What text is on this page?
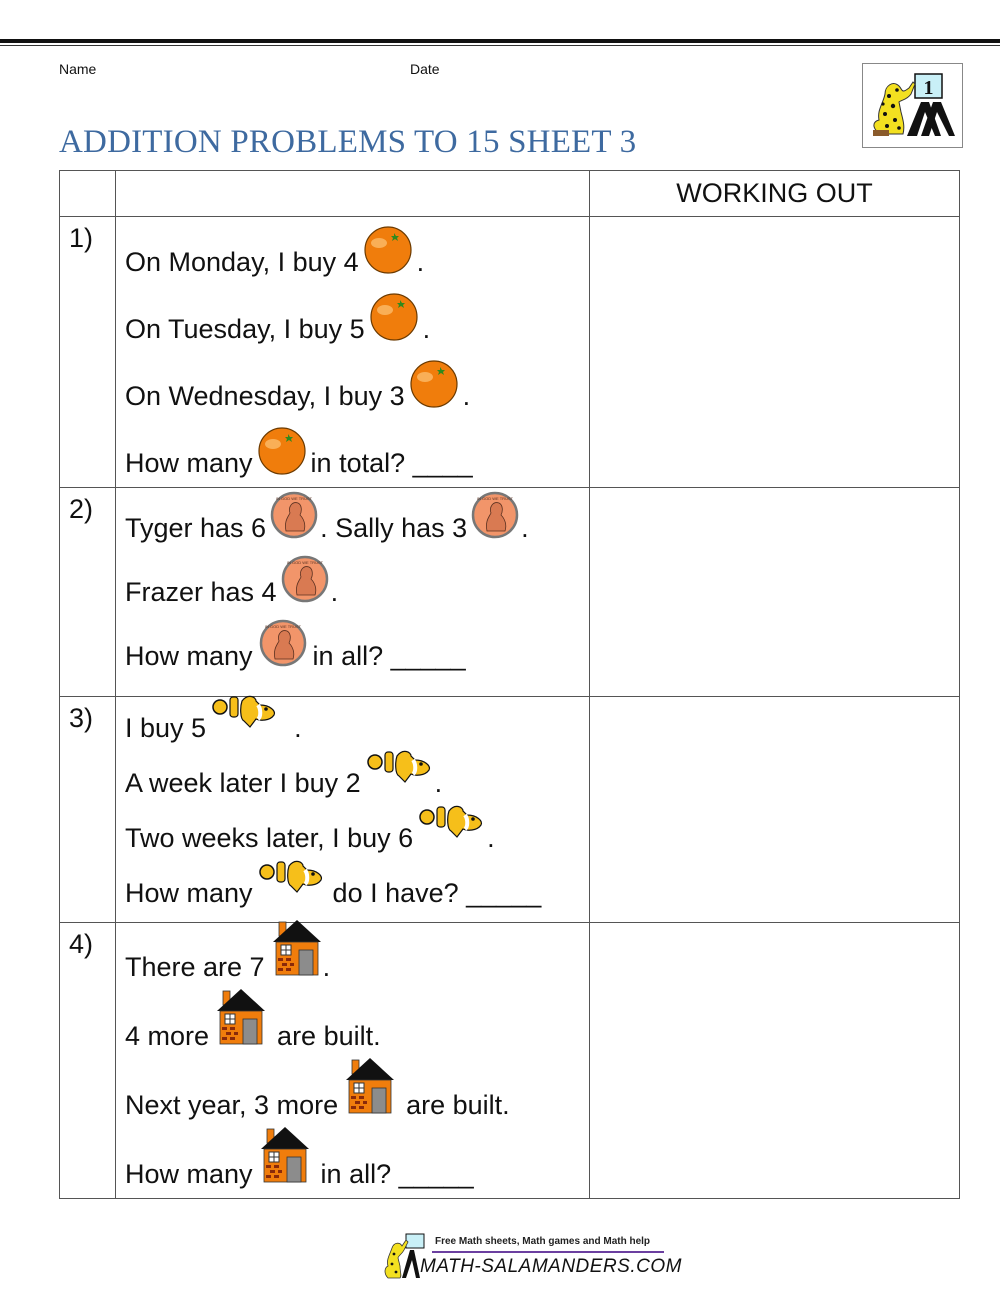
Name	Date
ADDITION PROBLEMS TO 15 SHEET 3
1
		WORKING OUT
1)	
On Monday, I buy 4 .
On Tuesday, I buy 5 .
On Wednesday, I buy 3 .
How many in total? ____

2)	
Tyger has 6
IN GOD WE TRUST
. Sally has 3
IN GOD WE TRUST
.
Frazer has 4
IN GOD WE TRUST
.
How many
IN GOD WE TRUST
in all? _____

3)	I buy 5	.
A week later I buy 2	.
Two weeks later, I buy 6	.
How many	do I have? _____

4)	
There are 7 .
4 more	are built.
Next year, 3 more	are built.
How many	in all? _____

Free Math sheets, Math games and Math help
MATH-SALAMANDERS.COM
